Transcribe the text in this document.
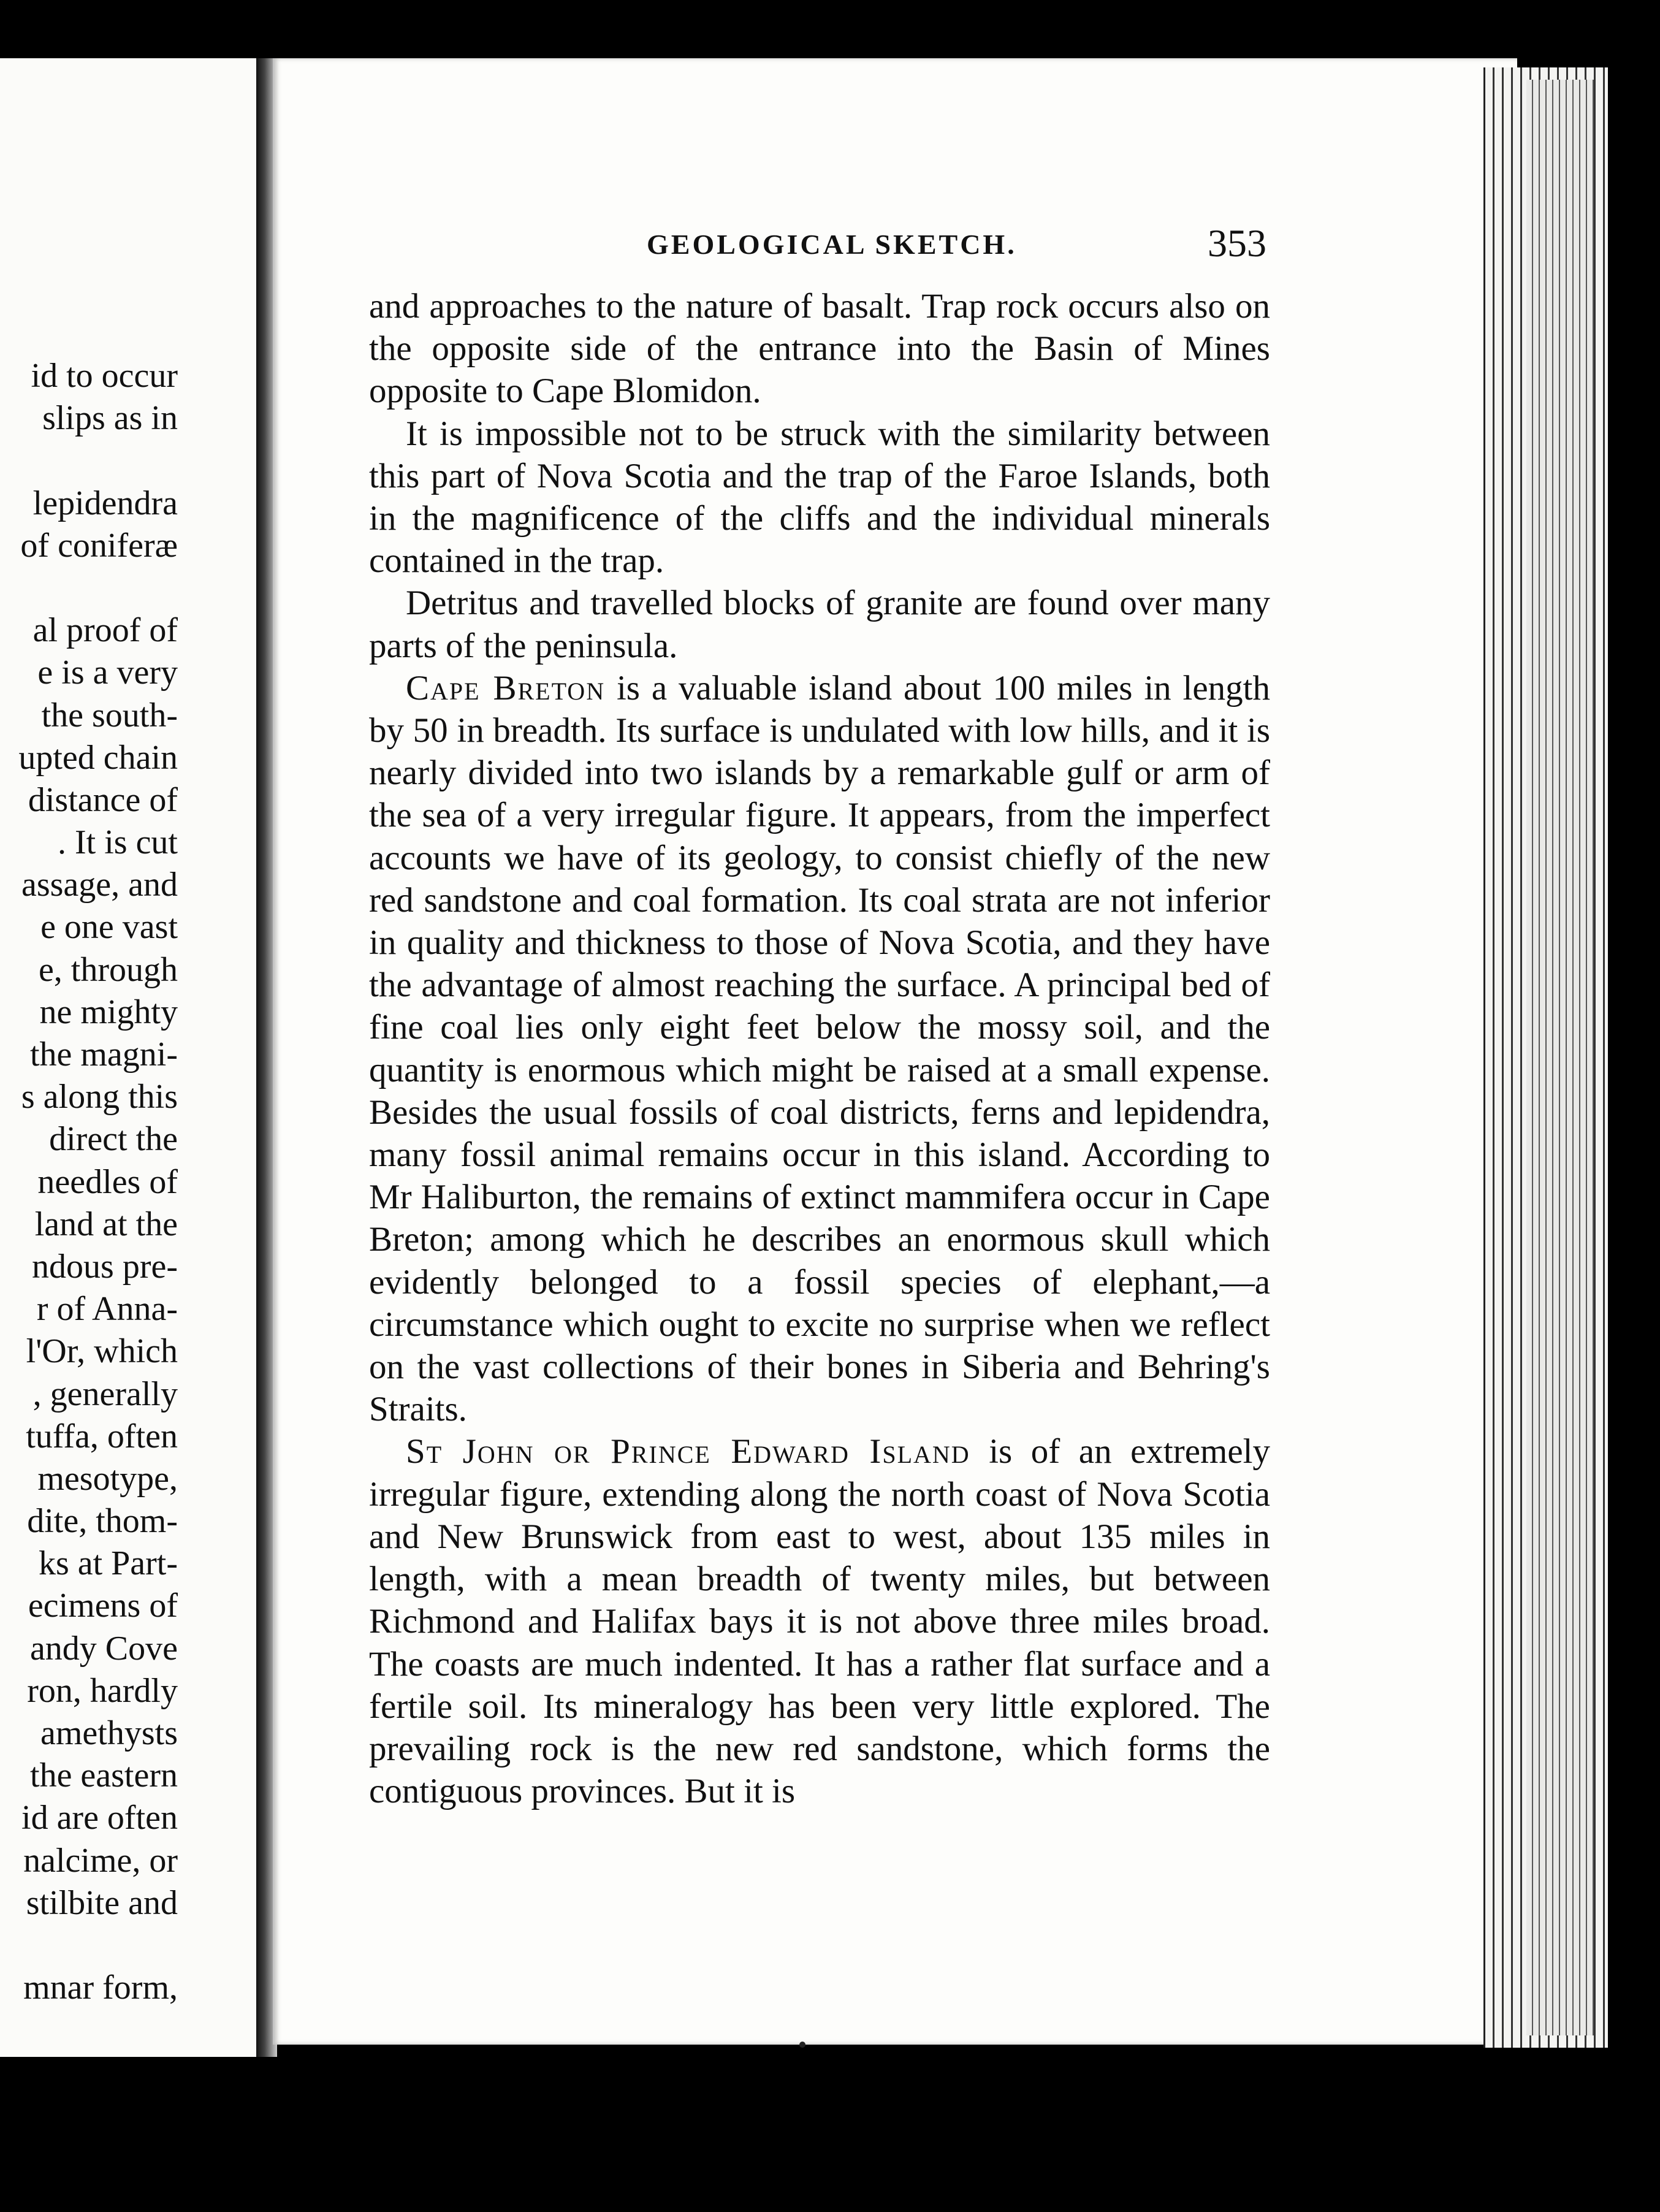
id to occur
slips as in
lepidendra
of coniferæ
al proof of
e is a very
the south-
upted chain
distance of
. It is cut
assage, and
e one vast
e, through
ne mighty
the magni-
s along this
direct the
needles of
land at the
ndous pre-
r of Anna-
l'Or, which
, generally
tuffa, often
mesotype,
dite, thom-
ks at Part-
ecimens of
andy Cove
ron, hardly
amethysts
the eastern
id are often
nalcime, or
stilbite and
mnar form,
GEOLOGICAL SKETCH.	353

and approaches to the nature of basalt. Trap rock occurs also on the opposite side of the entrance into the Basin of Mines opposite to Cape Blomidon.

It is impossible not to be struck with the similarity between this part of Nova Scotia and the trap of the Faroe Islands, both in the magnificence of the cliffs and the individual minerals contained in the trap.

Detritus and travelled blocks of granite are found over many parts of the peninsula.

Cape Breton is a valuable island about 100 miles in length by 50 in breadth. Its surface is undulated with low hills, and it is nearly divided into two islands by a remarkable gulf or arm of the sea of a very irregular figure. It appears, from the imperfect accounts we have of its geology, to consist chiefly of the new red sandstone and coal formation. Its coal strata are not inferior in quality and thickness to those of Nova Scotia, and they have the advantage of almost reaching the surface. A principal bed of fine coal lies only eight feet below the mossy soil, and the quantity is enormous which might be raised at a small expense. Besides the usual fossils of coal districts, ferns and lepidendra, many fossil animal remains occur in this island. According to Mr Haliburton, the remains of extinct mammifera occur in Cape Breton; among which he describes an enormous skull which evidently belonged to a fossil species of elephant,—a circumstance which ought to excite no surprise when we reflect on the vast collections of their bones in Siberia and Behring's Straits.

St John or Prince Edward Island is of an extremely irregular figure, extending along the north coast of Nova Scotia and New Brunswick from east to west, about 135 miles in length, with a mean breadth of twenty miles, but between Richmond and Halifax bays it is not above three miles broad. The coasts are much indented. It has a rather flat surface and a fertile soil. Its mineralogy has been very little explored. The prevailing rock is the new red sandstone, which forms the contiguous provinces. But it is
